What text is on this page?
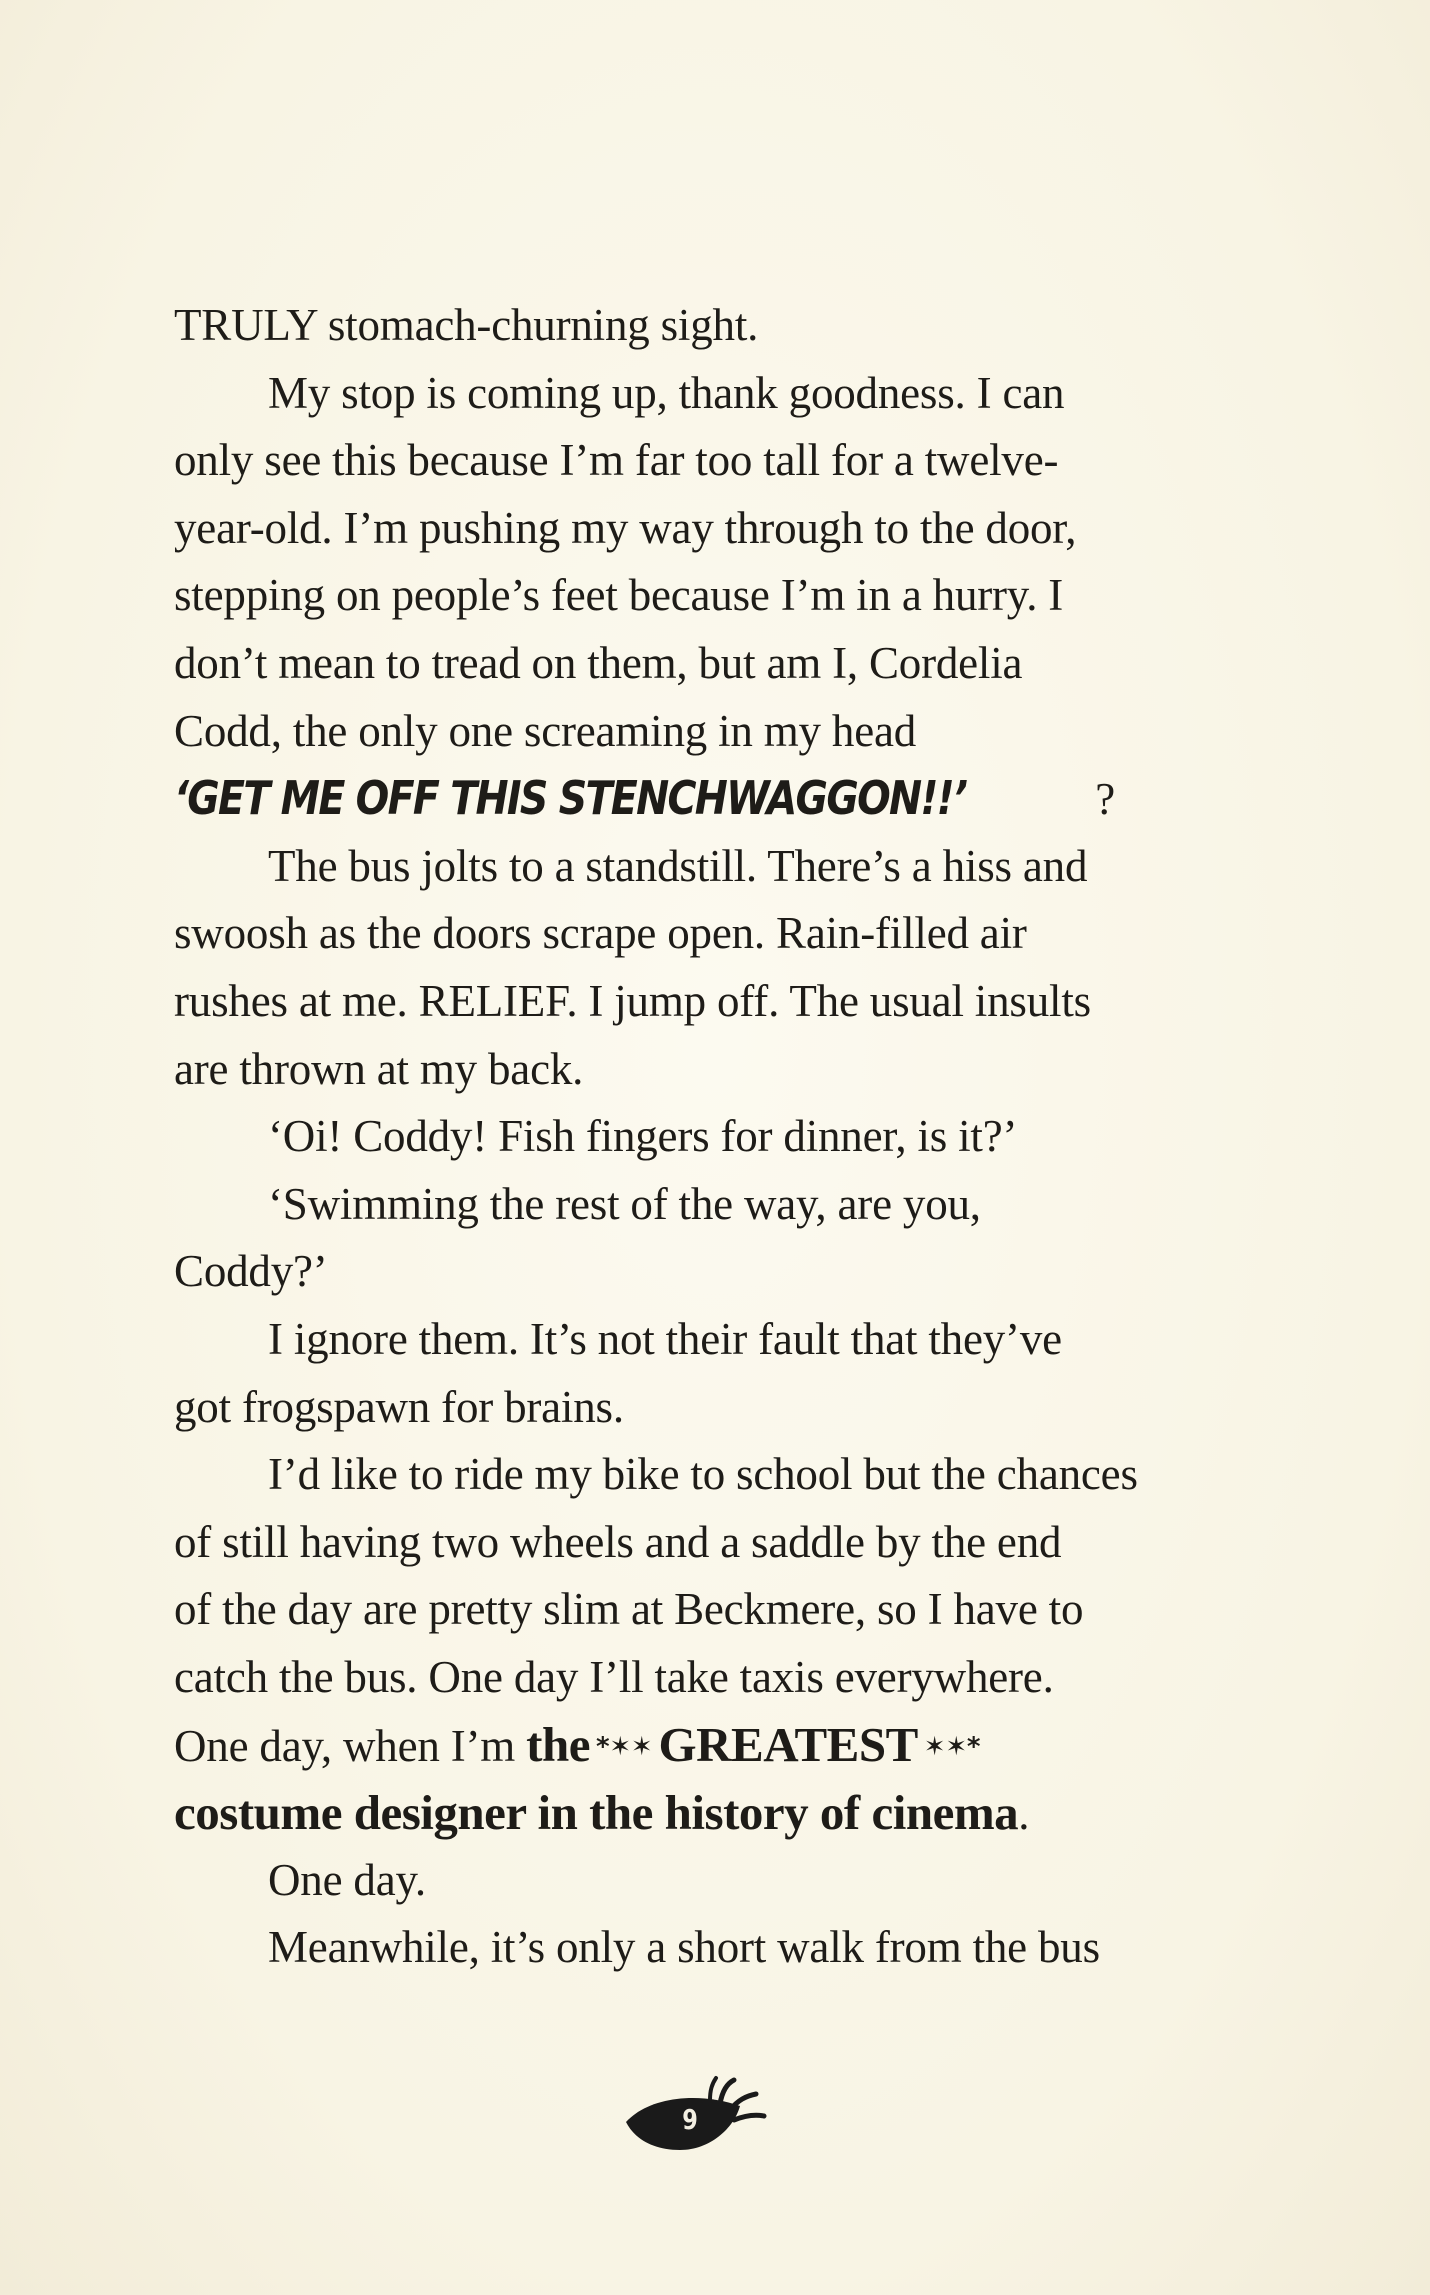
TRULY stomach-churning sight.
My stop is coming up, thank goodness. I can
only see this because I’m far too tall for a twelve-
year-old. I’m pushing my way through to the door,
stepping on people’s feet because I’m in a hurry. I
don’t mean to tread on them, but am I, Cordelia
Codd, the only one screaming in my head
‘GET ME OFF THIS STENCHWAGGON!!’	?
The bus jolts to a standstill. There’s a hiss and
swoosh as the doors scrape open. Rain-filled air
rushes at me. RELIEF. I jump off. The usual insults
are thrown at my back.
‘Oi! Coddy! Fish fingers for dinner, is it?’
‘Swimming the rest of the way, are you,
Coddy?’
I ignore them. It’s not their fault that they’ve
got frogspawn for brains.
I’d like to ride my bike to school but the chances
of still having two wheels and a saddle by the end
of the day are pretty slim at Beckmere, so I have to
catch the bus. One day I’ll take taxis everywhere.
One day, when I’m the *✶✶ GREATEST ✶✶*
costume designer in the history of cinema.
One day.
Meanwhile, it’s only a short walk from the bus
9
